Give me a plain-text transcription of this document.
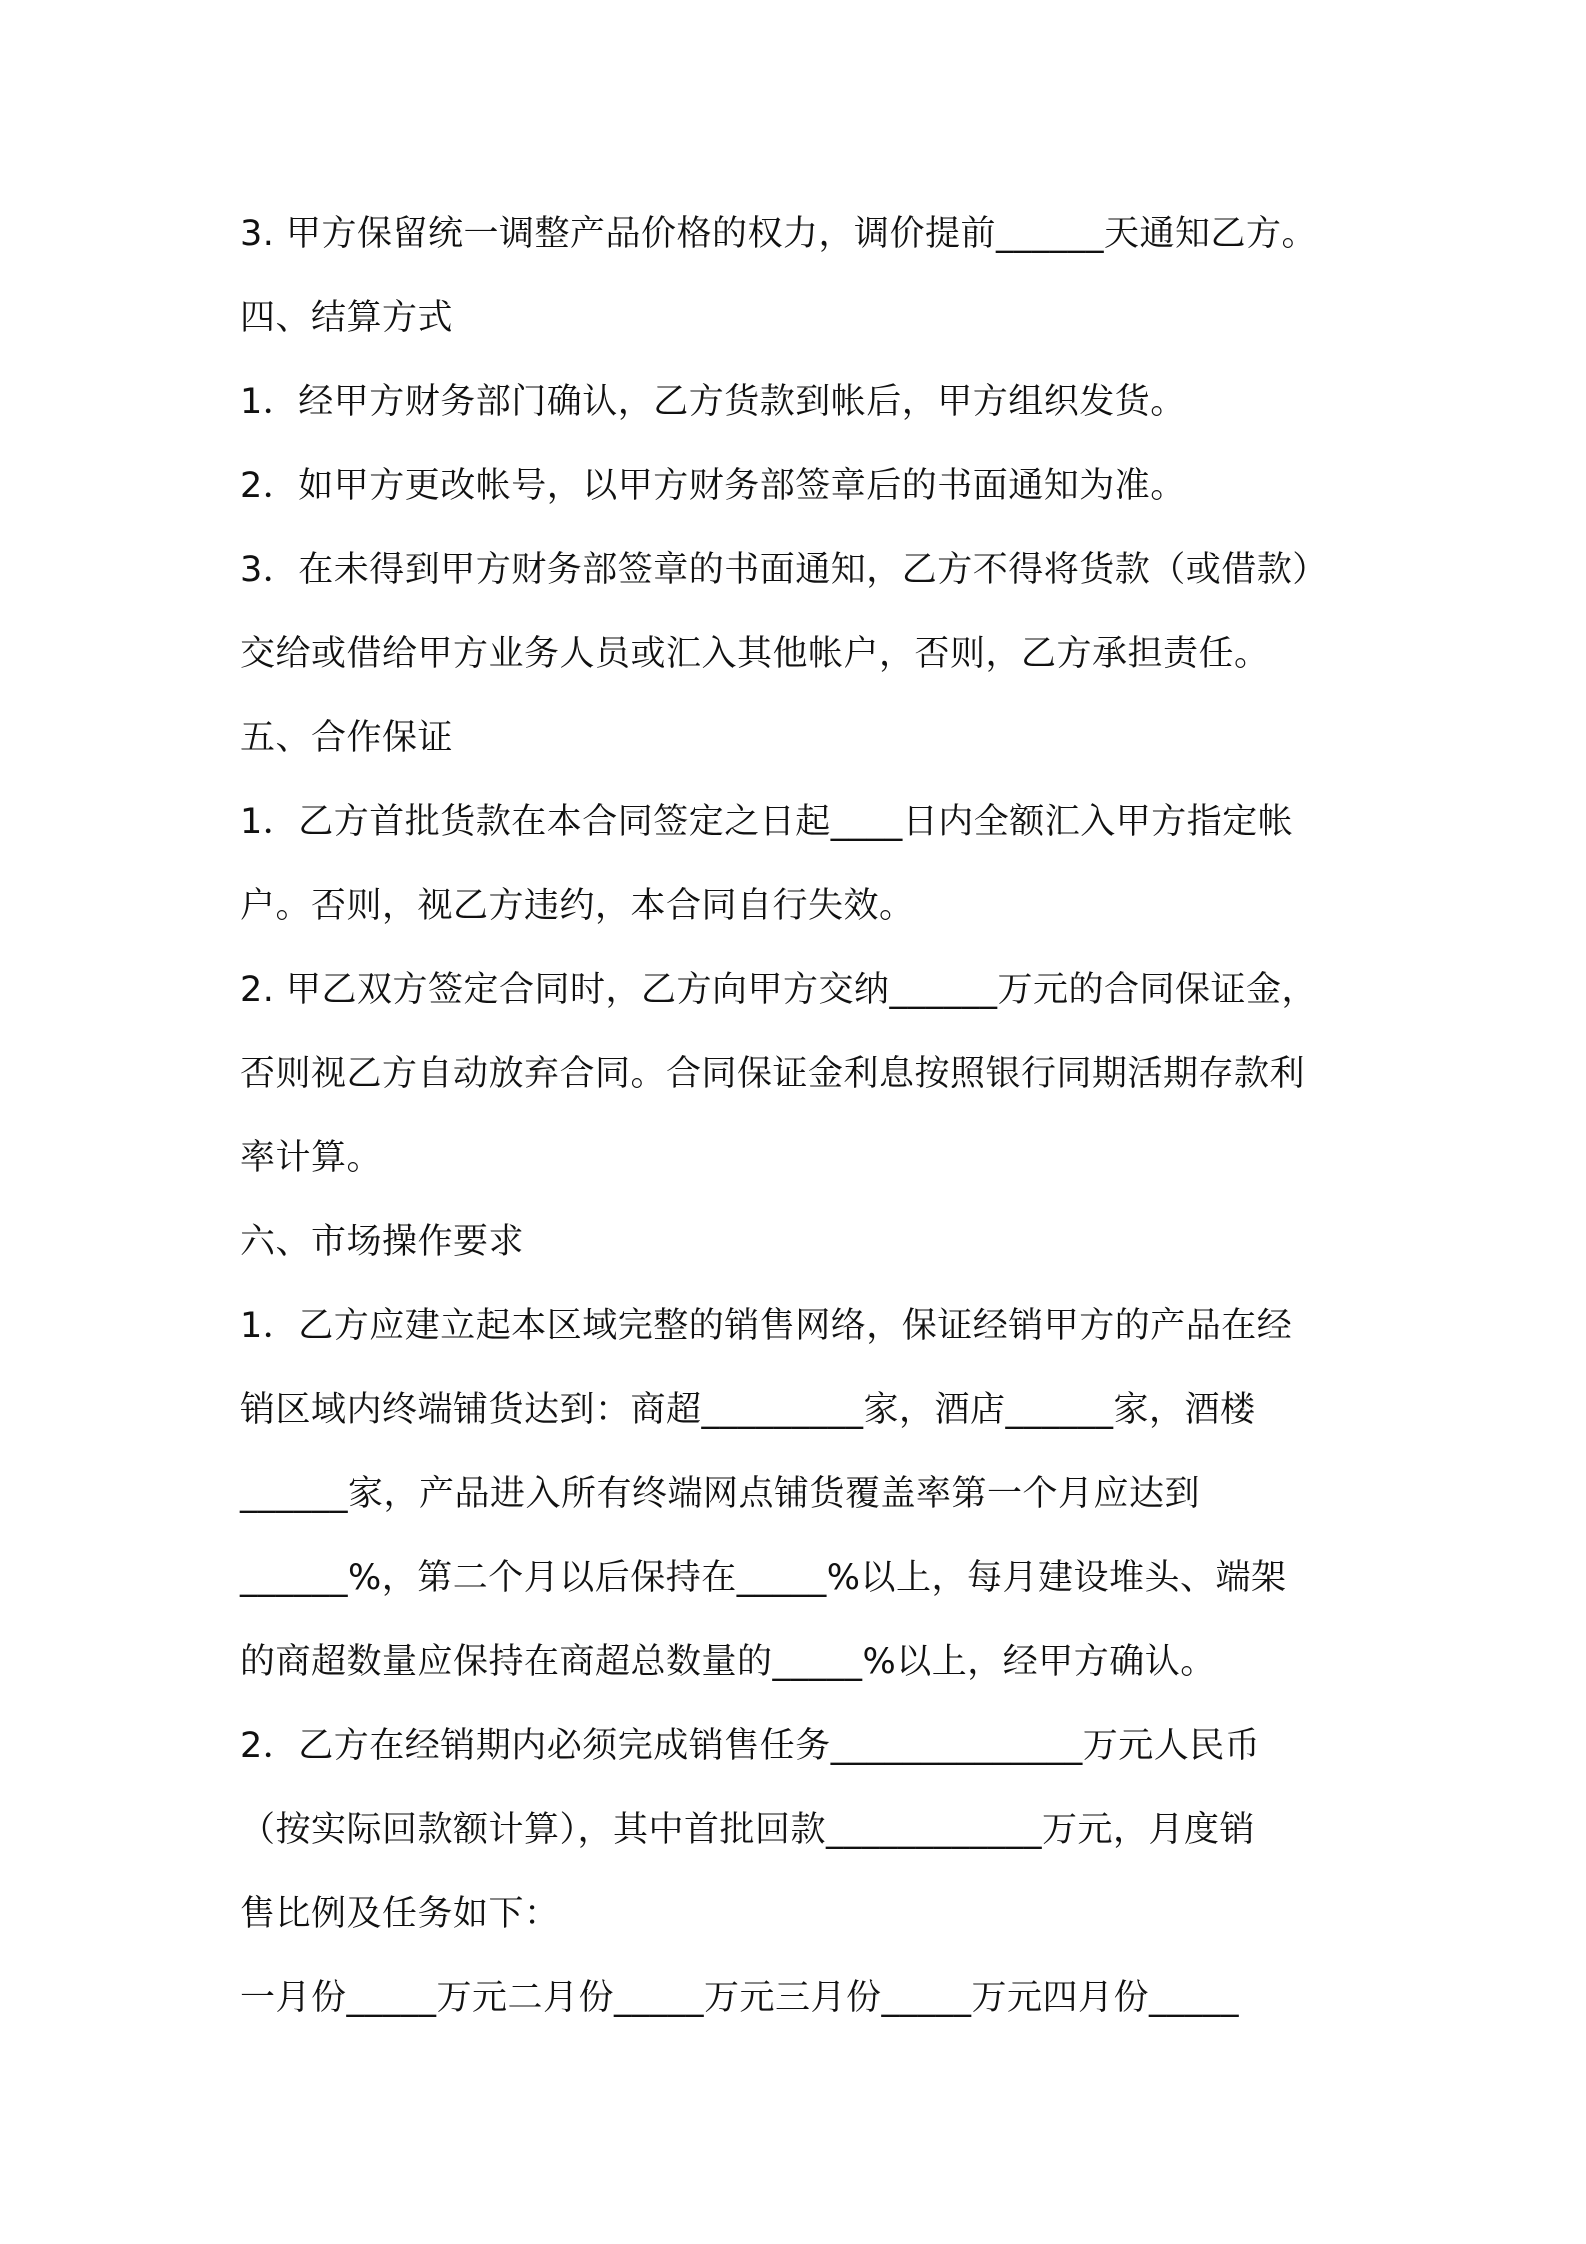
3. 甲方保留统一调整产品价格的权力，调价提前______天通知乙方。
四、结算方式
1．经甲方财务部门确认，乙方货款到帐后，甲方组织发货。
2．如甲方更改帐号，以甲方财务部签章后的书面通知为准。
3．在未得到甲方财务部签章的书面通知，乙方不得将货款（或借款）
交给或借给甲方业务人员或汇入其他帐户，否则，乙方承担责任。
五、合作保证
1．乙方首批货款在本合同签定之日起____日内全额汇入甲方指定帐
户。否则，视乙方违约，本合同自行失效。
2. 甲乙双方签定合同时，乙方向甲方交纳______万元的合同保证金，
否则视乙方自动放弃合同。合同保证金利息按照银行同期活期存款利
率计算。
六、市场操作要求
1．乙方应建立起本区域完整的销售网络，保证经销甲方的产品在经
销区域内终端铺货达到：商超_________家，酒店______家，酒楼
______家，产品进入所有终端网点铺货覆盖率第一个月应达到
______%，第二个月以后保持在_____%以上，每月建设堆头、端架
的商超数量应保持在商超总数量的_____%以上，经甲方确认。
2．乙方在经销期内必须完成销售任务______________万元人民币
（按实际回款额计算），其中首批回款____________万元，月度销
售比例及任务如下：
一月份_____万元二月份_____万元三月份_____万元四月份_____
